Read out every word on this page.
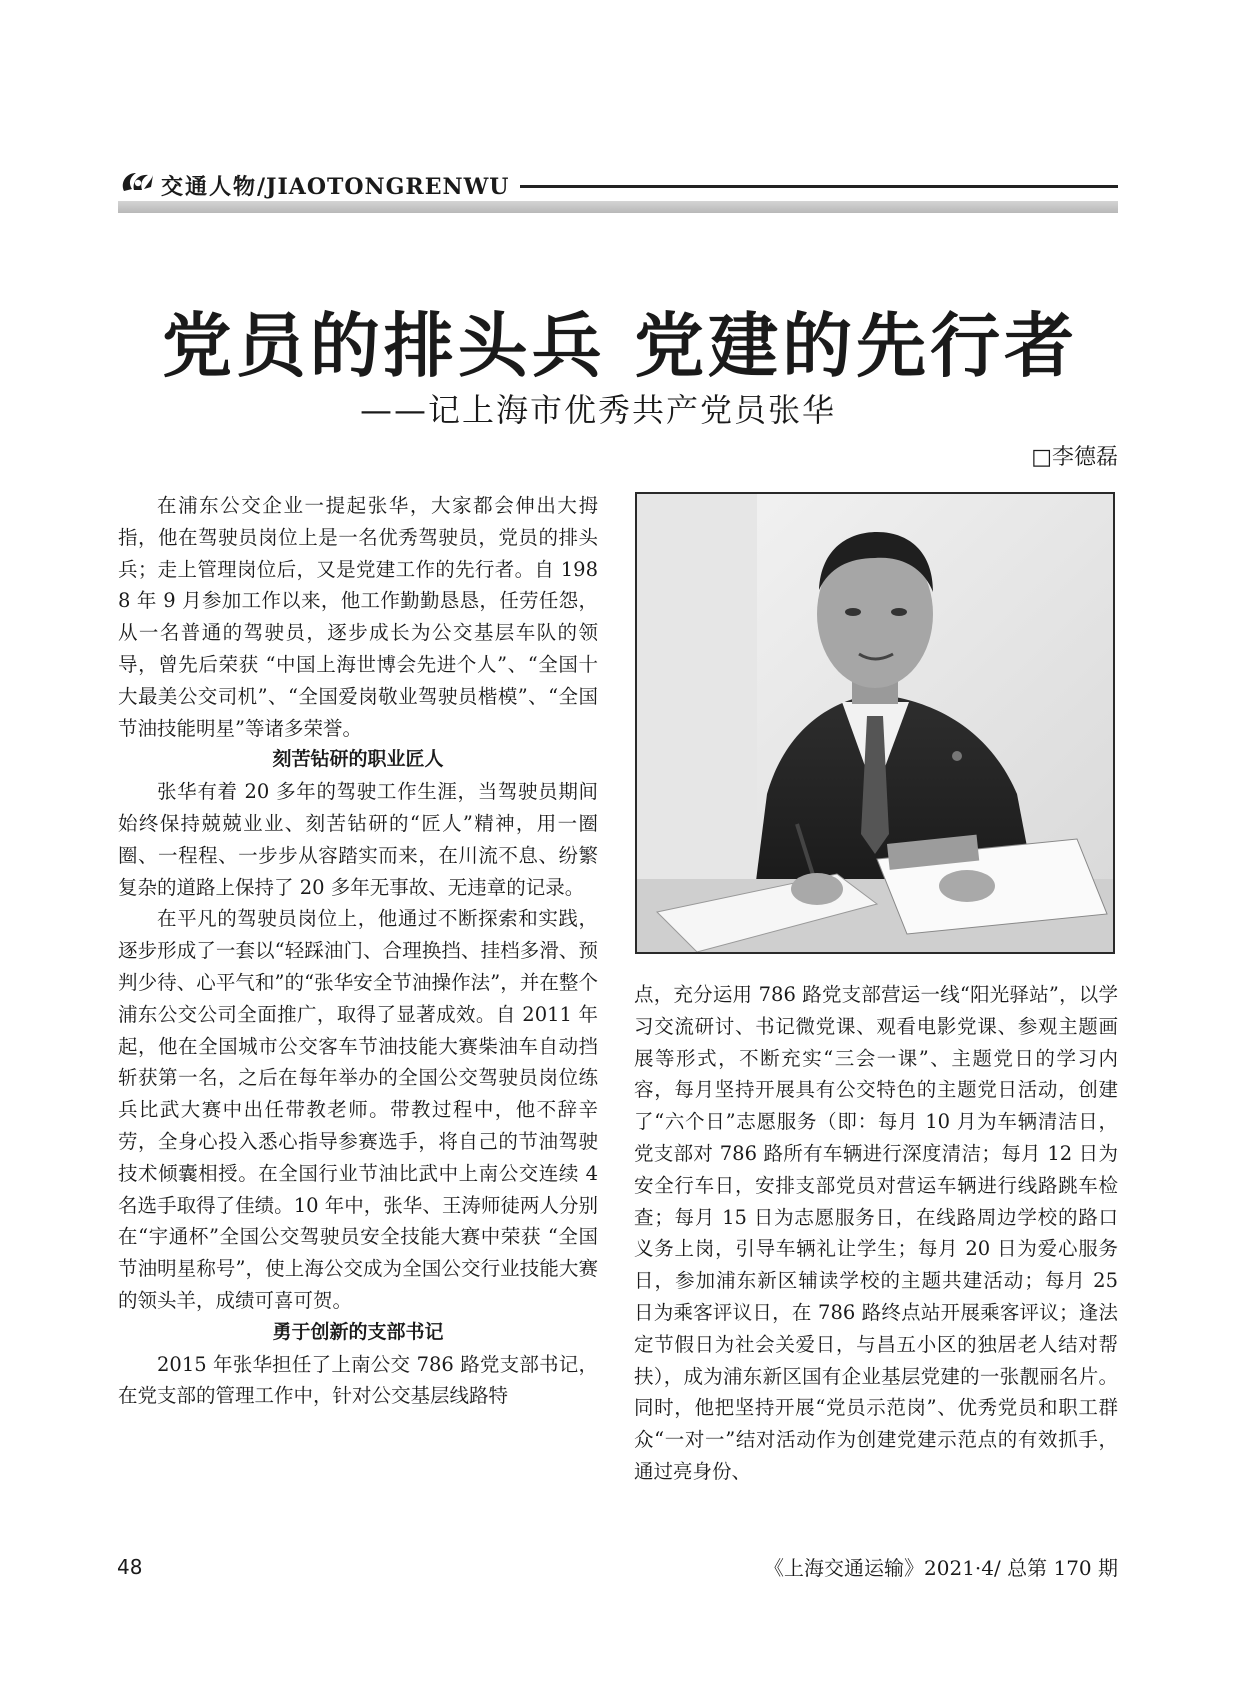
交通人物/JIAOTONGRENWU
党员的排头兵 党建的先行者
——记上海市优秀共产党员张华
□李德磊

在浦东公交企业一提起张华，大家都会伸出大拇指，他在驾驶员岗位上是一名优秀驾驶员，党员的排头兵；走上管理岗位后，又是党建工作的先行者。自 1988 年 9 月参加工作以来，他工作勤勤恳恳，任劳任怨，从一名普通的驾驶员，逐步成长为公交基层车队的领导，曾先后荣获 “中国上海世博会先进个人”、“全国十大最美公交司机”、“全国爱岗敬业驾驶员楷模”、“全国节油技能明星”等诸多荣誉。

刻苦钻研的职业匠人

张华有着 20 多年的驾驶工作生涯，当驾驶员期间始终保持兢兢业业、刻苦钻研的“匠人”精神，用一圈圈、一程程、一步步从容踏实而来，在川流不息、纷繁复杂的道路上保持了 20 多年无事故、无违章的记录。

在平凡的驾驶员岗位上，他通过不断探索和实践，逐步形成了一套以“轻踩油门、合理换挡、挂档多滑、预判少待、心平气和”的“张华安全节油操作法”，并在整个浦东公交公司全面推广，取得了显著成效。自 2011 年起，他在全国城市公交客车节油技能大赛柴油车自动挡斩获第一名，之后在每年举办的全国公交驾驶员岗位练兵比武大赛中出任带教老师。带教过程中，他不辞辛劳，全身心投入悉心指导参赛选手，将自己的节油驾驶技术倾囊相授。在全国行业节油比武中上南公交连续 4 名选手取得了佳绩。10 年中，张华、王涛师徒两人分别在“宇通杯”全国公交驾驶员安全技能大赛中荣获 “全国节油明星称号”，使上海公交成为全国公交行业技能大赛的领头羊，成绩可喜可贺。

勇于创新的支部书记

2015 年张华担任了上南公交 786 路党支部书记，在党支部的管理工作中，针对公交基层线路特

点，充分运用 786 路党支部营运一线“阳光驿站”，以学习交流研讨、书记微党课、观看电影党课、参观主题画展等形式，不断充实“三会一课”、主题党日的学习内容，每月坚持开展具有公交特色的主题党日活动，创建了“六个日”志愿服务（即：每月 10 月为车辆清洁日，党支部对 786 路所有车辆进行深度清洁；每月 12 日为安全行车日，安排支部党员对营运车辆进行线路跳车检查；每月 15 日为志愿服务日，在线路周边学校的路口义务上岗，引导车辆礼让学生；每月 20 日为爱心服务日，参加浦东新区辅读学校的主题共建活动；每月 25 日为乘客评议日，在 786 路终点站开展乘客评议；逢法定节假日为社会关爱日，与昌五小区的独居老人结对帮扶），成为浦东新区国有企业基层党建的一张靓丽名片。同时，他把坚持开展“党员示范岗”、优秀党员和职工群众“一对一”结对活动作为创建党建示范点的有效抓手，通过亮身份、

48	《上海交通运输》2021·4/ 总第 170 期
